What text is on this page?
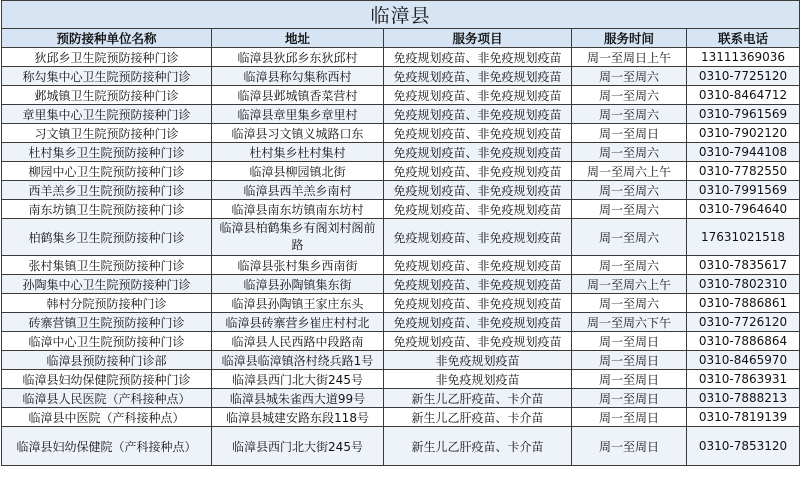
临漳县				
预防接种单位名称	地址	服务项目	服务时间	联系电话
狄邱乡卫生院预防接种门诊	临漳县狄邱乡东狄邱村	免疫规划疫苗、非免疫规划疫苗	周一至周日上午	13111369036
称勾集中心卫生院预防接种门诊	临漳县称勾集称西村	免疫规划疫苗、非免疫规划疫苗	周一至周六	0310-7725120
邺城镇卫生院预防接种门诊	临漳县邺城镇香菜营村	免疫规划疫苗、非免疫规划疫苗	周一至周六	0310-8464712
章里集中心卫生院预防接种门诊	临漳县章里集乡章里村	免疫规划疫苗、非免疫规划疫苗	周一至周六	0310-7961569
习文镇卫生院预防接种门诊	临漳县习文镇义城路口东	免疫规划疫苗、非免疫规划疫苗	周一至周日	0310-7902120
杜村集乡卫生院预防接种门诊	杜村集乡杜村集村	免疫规划疫苗、非免疫规划疫苗	周一至周六	0310-7944108
柳园中心卫生院预防接种门诊	临漳县柳园镇北街	免疫规划疫苗、非免疫规划疫苗	周一至周六上午	0310-7782550
西羊羔乡卫生院预防接种门诊	临漳县西羊羔乡南村	免疫规划疫苗、非免疫规划疫苗	周一至周六	0310-7991569
南东坊镇卫生院预防接种门诊	临漳县南东坊镇南东坊村	免疫规划疫苗、非免疫规划疫苗	周一至周六	0310-7964640
柏鹤集乡卫生院预防接种门诊	临漳县柏鹤集乡有阁刘村阁前路	免疫规划疫苗、非免疫规划疫苗	周一至周六	17631021518
张村集镇卫生院预防接种门诊	临漳县张村集乡西南街	免疫规划疫苗、非免疫规划疫苗	周一至周六	0310-7835617
孙陶集中心卫生院预防接种门诊	临漳县孙陶镇集东街	免疫规划疫苗、非免疫规划疫苗	周一至周六上午	0310-7802310
韩村分院预防接种门诊	临漳县孙陶镇王家庄东头	免疫规划疫苗、非免疫规划疫苗	周一至周六	0310-7886861
砖寨营镇卫生院预防接种门诊	临漳县砖寨营乡崔庄村村北	免疫规划疫苗、非免疫规划疫苗	周一至周六下午	0310-7726120
临漳中心卫生院预防接种门诊	临漳县人民西路中段路南	免疫规划疫苗、非免疫规划疫苗	周一至周日	0310-7886864
临漳县预防接种门诊部	临漳县临漳镇洛村绕兵路1号	非免疫规划疫苗	周一至周日	0310-8465970
临漳县妇幼保健院预防接种门诊	临漳县西门北大街245号	非免疫规划疫苗	周一至周日	0310-7863931
临漳县人民医院（产科接种点）	临漳县城朱雀西大道99号	新生儿乙肝疫苗、卡介苗	周一至周日	0310-7888213
临漳县中医院（产科接种点）	临漳县城建安路东段118号	新生儿乙肝疫苗、卡介苗	周一至周日	0310-7819139
临漳县妇幼保健院（产科接种点）	临漳县西门北大街245号	新生儿乙肝疫苗、卡介苗	周一至周日	0310-7853120
